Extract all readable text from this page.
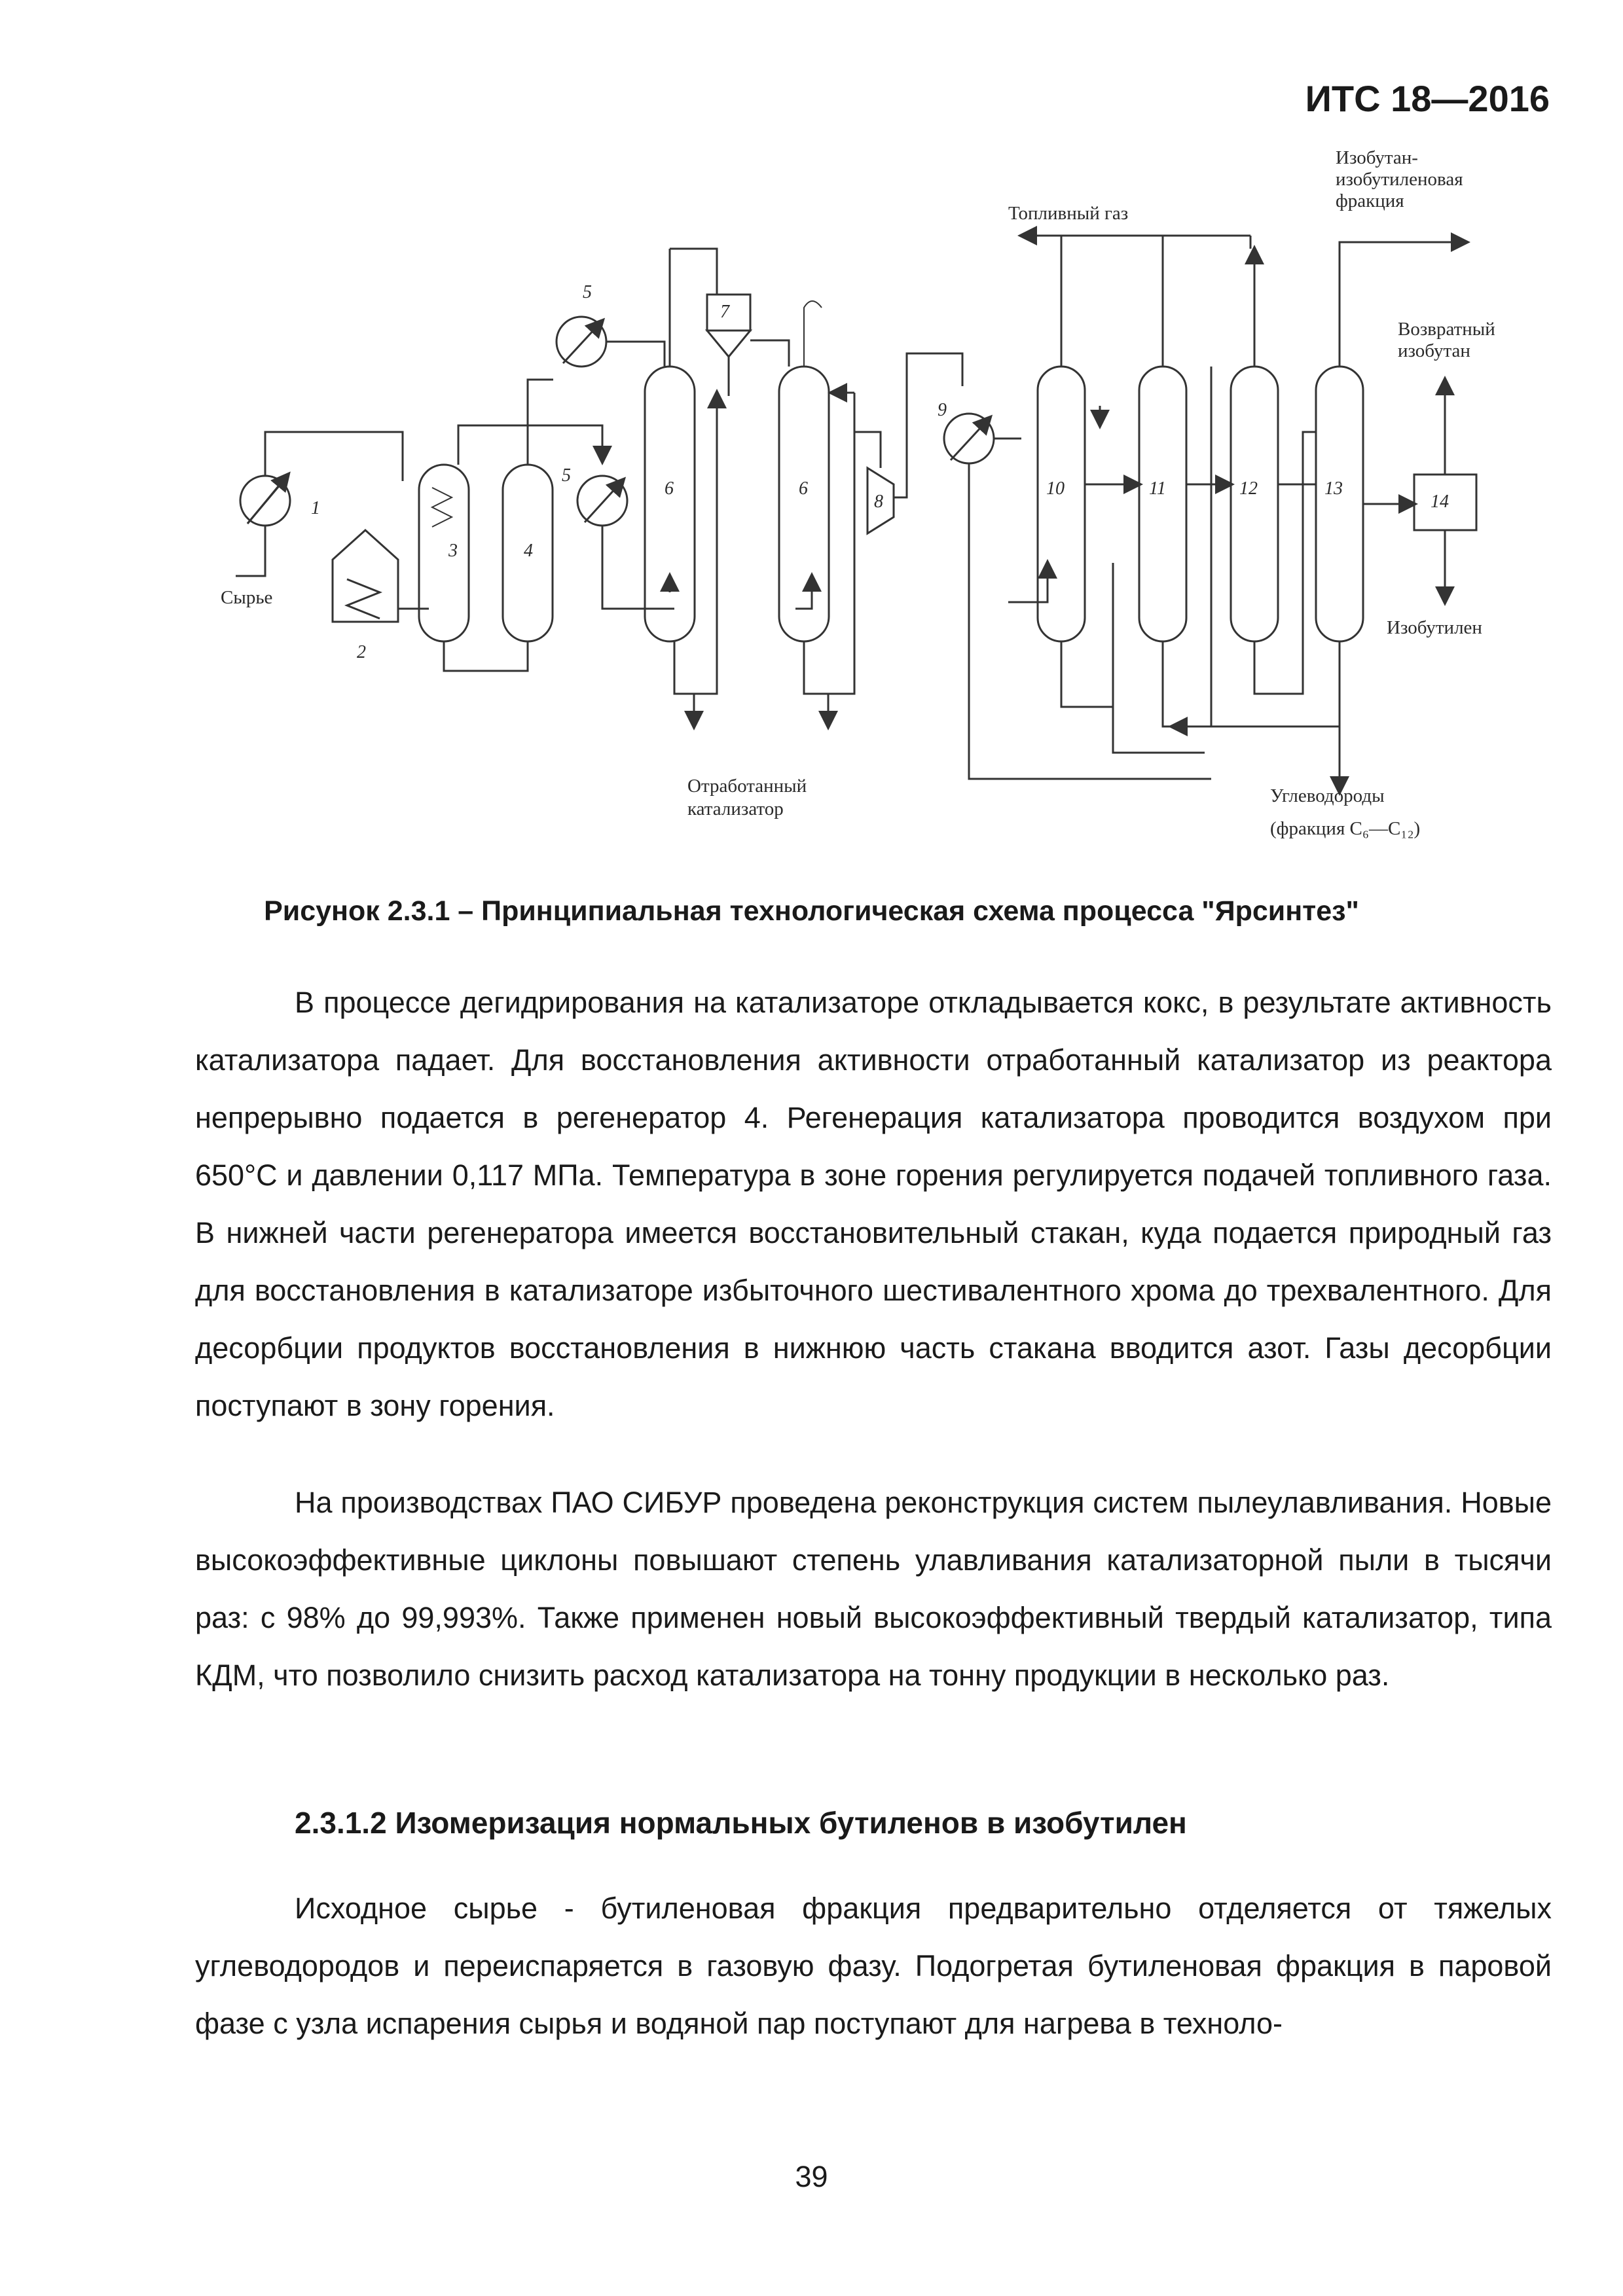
ИТС 18—2016
Топливный газ
Изобутан-
изобутиленовая
фракция
Возвратный
изобутан
Сырье
Изобутилен
Отработанный
катализатор
Углеводороды
(фракция C₆—C₁₂)
1
2
3	4
5
5
6	6
7
8
9
10	11	12	13
14
Рисунок 2.3.1 – Принципиальная технологическая схема процесса "Ярсинтез"

В процессе дегидрирования на катализаторе откладывается кокс, в результате активность катализатора падает. Для восстановления активности отработанный катализатор из реактора непрерывно подается в регенератор 4. Регенерация катализатора проводится воздухом при 650°С и давлении 0,117 МПа. Температура в зоне горения регулируется подачей топливного газа. В нижней части регенератора имеется восстановительный стакан, куда подается природный газ для восстановления в катализаторе избыточного шестивалентного хрома до трехвалентного. Для десорбции продуктов восстановления в нижнюю часть стакана вводится азот. Газы десорбции поступают в зону горения.

На производствах ПАО СИБУР проведена реконструкция систем пылеулавливания. Новые высокоэффективные циклоны повышают степень улавливания катализаторной пыли в тысячи раз: с 98% до 99,993%. Также применен новый высокоэффективный твердый катализатор, типа КДМ, что позволило снизить расход катализатора на тонну продукции в несколько раз.

2.3.1.2 Изомеризация нормальных бутиленов в изобутилен

Исходное сырье - бутиленовая фракция предварительно отделяется от тяжелых углеводородов и переиспаряется в газовую фазу. Подогретая бутиленовая фракция в паровой фазе с узла испарения сырья и водяной пар поступают для нагрева в техноло-

39
